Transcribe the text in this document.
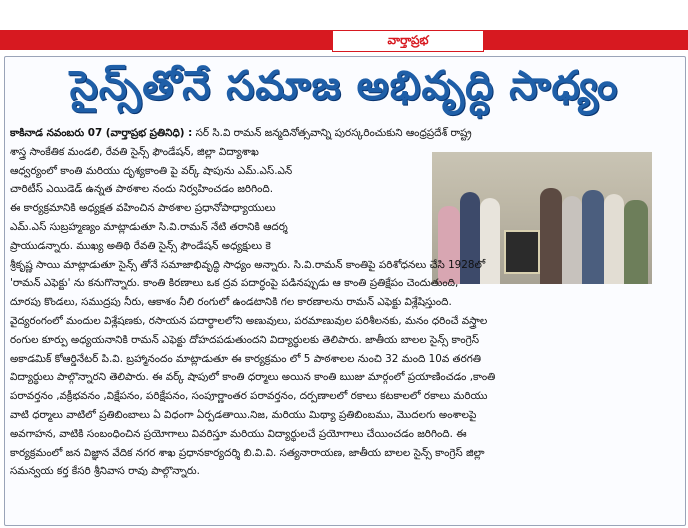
వార్తాప్రభ
సైన్స్‌తోనే సమాజ అభివృద్ధి సాధ్యం
కాకినాడ నవంబరు 07 (వార్తాప్రభ ప్రతినిధి) : సర్ సి.వి రామన్ జన్మదినోత్సవాన్ని పురస్కరించుకుని ఆంధ్రప్రదేశ్ రాష్ట్ర
శాస్త్ర సాంకేతిక మండలి, రేవతి సైన్స్ ఫౌండేషన్, జిల్లా విద్యాశాఖ
ఆధ్వర్యంలో కాంతి మరియు దృశ్యకాంతి పై వర్క్ షాపును ఎమ్.ఎస్.ఎన్
చారిటీస్ ఎయిడెడ్ ఉన్నత పాఠశాల నందు నిర్వహించడం జరిగింది.
ఈ కార్యక్రమానికి అధ్యక్షత వహించిన పాఠశాల ప్రధానోపాధ్యాయులు
ఎమ్.ఎస్ సుబ్రహ్మణ్యం మాట్లాడుతూ సి.వి.రామన్ నేటి తరానికి ఆదర్శ
ప్రాయుడన్నారు. ముఖ్య అతిథి రేవతి సైన్స్ ఫౌండేషన్ అధ్యక్షులు కె
శ్రీకృష్ణ సాయి మాట్లాడుతూ సైన్స్ తోనే సమాజాభివృద్ధి సాధ్యం అన్నారు. సి.వి.రామన్ కాంతిపై పరిశోధనలు చేసి 1928లో
'రామన్ ఎఫెక్టు' ను కనుగొన్నారు. కాంతి కిరణాలు ఒక ద్రవ పదార్ధంపై పడినప్పుడు ఆ కాంతి ప్రతిక్షేపం చెందుతుంది,
దూరపు కొండలు, సముద్రపు నీరు, ఆకాశం నీలి రంగులో ఉండటానికి గల కారణాలను రామన్ ఎఫెక్టు విశ్లేషిస్తుంది.
వైద్యరంగంలో మందుల విశ్లేషణకు, రసాయన పదార్థాలలోని అణువులు, పరమాణువుల పరిశీలనకు, మనం ధరించే వస్త్రాల
రంగుల కూర్పు అధ్యయనానికి రామన్ ఎఫెక్టు దోహదపడుతుందని విద్యార్థులకు తెలిపారు. జాతీయ బాలల సైన్స్ కాంగ్రెస్
అకాడమిక్ కోఆర్డినేటర్ పి.వి. బ్రహ్మానందం మాట్లాడుతూ ఈ కార్యక్రమం లో 5 పాఠశాలల నుంచి 32 మంది 10వ తరగతి
విద్యార్థులు పాల్గొన్నారని తెలిపారు. ఈ వర్క్ షాపులో కాంతి ధర్మాలు అయిన కాంతి ఋజు మార్గంలో ప్రయాణించడం ,కాంతి
పరావర్తనం ,వక్రీభవనం ,విక్షేపనం, పరిక్షేపనం, సంపూర్ణాంతర పరావర్తనం, దర్పణాలలో రకాలు కటకాలలో రకాలు మరియు
వాటి ధర్మాలు వాటిలో ప్రతిబింబాలు ఏ విధంగా ఏర్పడతాయి.నిజ, మరియు మిథ్యా ప్రతిబింబము, మొదలగు అంశాలపై
అవగాహన, వాటికి సంబంధించిన ప్రయోగాలు వివరిస్తూ మరియు విద్యార్థులచే ప్రయోగాలు చేయించడం జరిగింది. ఈ
కార్యక్రమంలో జన విజ్ఞాన వేదిక నగర శాఖ ప్రధానకార్యదర్శి బి.వి.వి. సత్యనారాయణ, జాతీయ బాలల సైన్స్ కాంగ్రెస్ జిల్లా
సమన్వయ కర్త కేసరి శ్రీనివాస రావు పాల్గొన్నారు.
